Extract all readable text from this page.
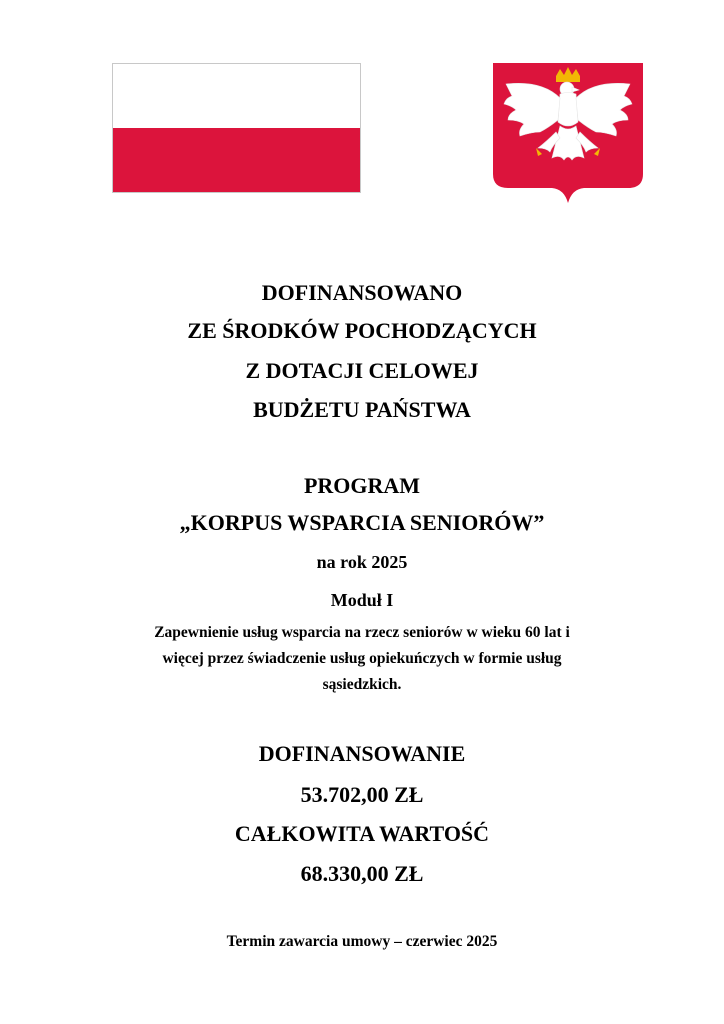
DOFINANSOWANO
ZE ŚRODKÓW POCHODZĄCYCH
Z DOTACJI CELOWEJ
BUDŻETU PAŃSTWA
PROGRAM
„KORPUS WSPARCIA SENIORÓW”
na rok 2025
Moduł I
Zapewnienie usług wsparcia na rzecz seniorów w wieku 60 lat i
więcej przez świadczenie usług opiekuńczych w formie usług
sąsiedzkich.
DOFINANSOWANIE
53.702,00 ZŁ
CAŁKOWITA WARTOŚĆ
68.330,00 ZŁ
Termin zawarcia umowy – czerwiec 2025
